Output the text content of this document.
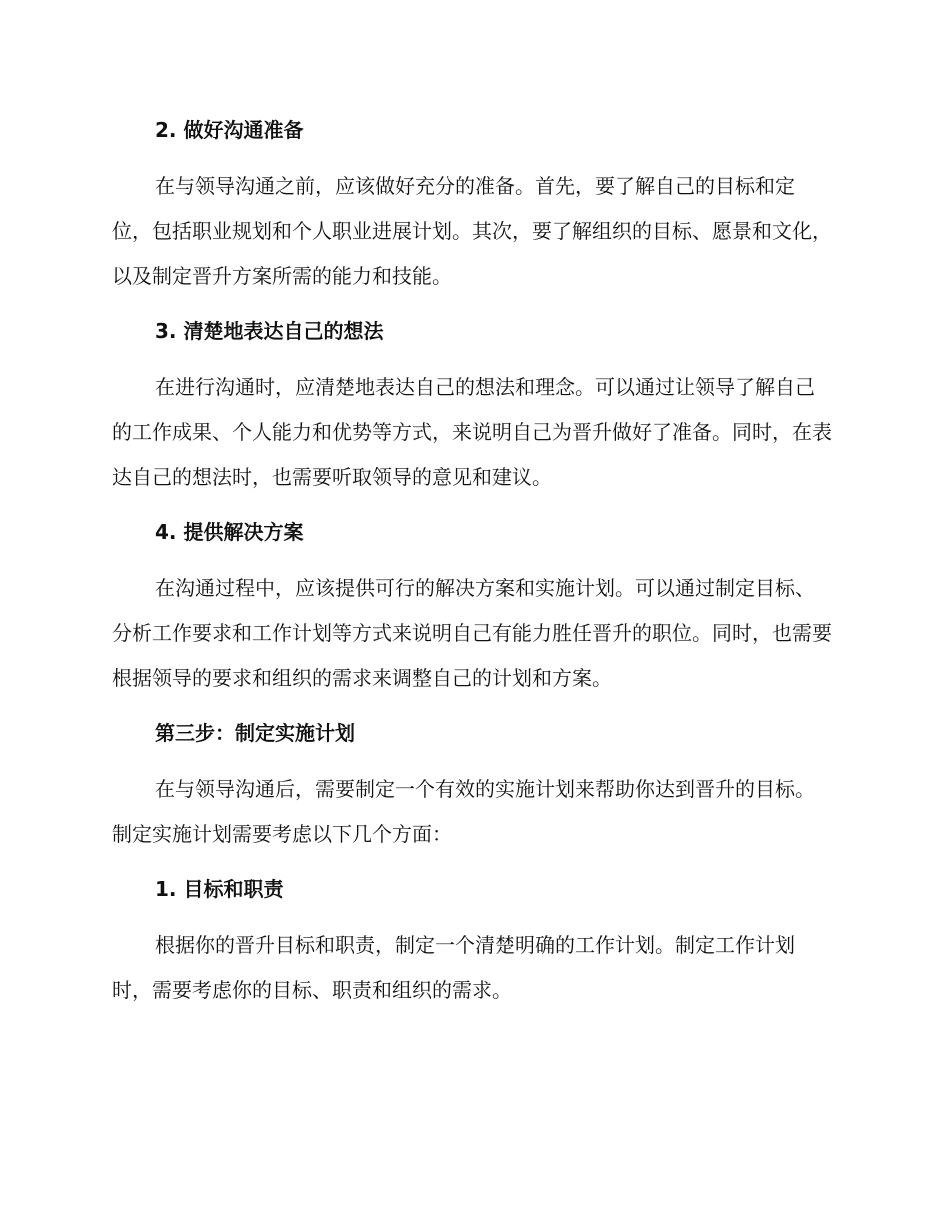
2. 做好沟通准备

在与领导沟通之前，应该做好充分的准备。首先，要了解自己的目标和定位，包括职业规划和个人职业进展计划。其次，要了解组织的目标、愿景和文化，以及制定晋升方案所需的能力和技能。

3. 清楚地表达自己的想法

在进行沟通时，应清楚地表达自己的想法和理念。可以通过让领导了解自己的工作成果、个人能力和优势等方式，来说明自己为晋升做好了准备。同时，在表达自己的想法时，也需要听取领导的意见和建议。

4. 提供解决方案

在沟通过程中，应该提供可行的解决方案和实施计划。可以通过制定目标、分析工作要求和工作计划等方式来说明自己有能力胜任晋升的职位。同时，也需要根据领导的要求和组织的需求来调整自己的计划和方案。

第三步：制定实施计划

在与领导沟通后，需要制定一个有效的实施计划来帮助你达到晋升的目标。制定实施计划需要考虑以下几个方面：

1. 目标和职责

根据你的晋升目标和职责，制定一个清楚明确的工作计划。制定工作计划时，需要考虑你的目标、职责和组织的需求。
